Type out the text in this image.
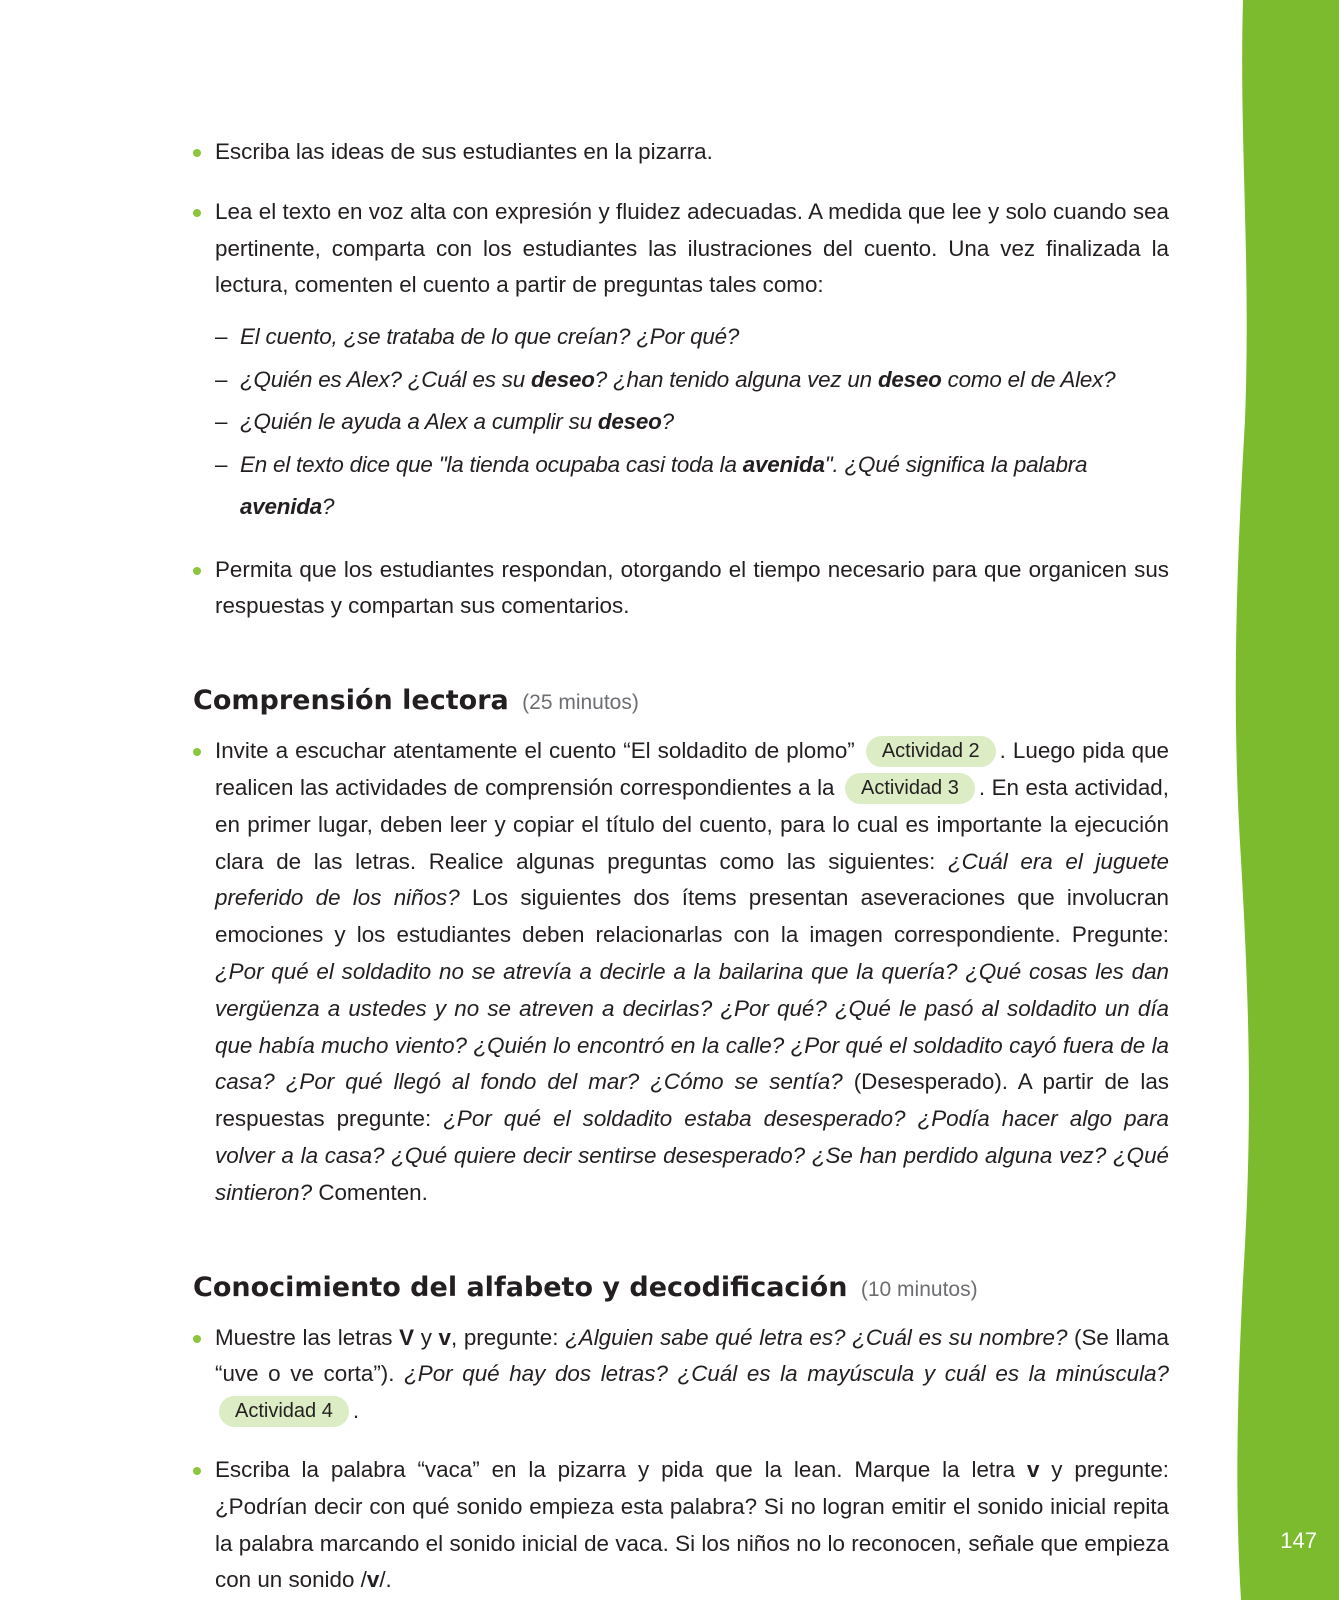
147
Escriba las ideas de sus estudiantes en la pizarra.
Lea el texto en voz alta con expresión y fluidez adecuadas. A medida que lee y solo cuando sea pertinente, comparta con los estudiantes las ilustraciones del cuento. Una vez finalizada la lectura, comenten el cuento a partir de preguntas tales como:
– El cuento, ¿se trataba de lo que creían? ¿Por qué?
– ¿Quién es Alex? ¿Cuál es su deseo? ¿han tenido alguna vez un deseo como el de Alex?
– ¿Quién le ayuda a Alex a cumplir su deseo?
– En el texto dice que "la tienda ocupaba casi toda la avenida". ¿Qué significa la palabra avenida?
Permita que los estudiantes respondan, otorgando el tiempo necesario para que organicen sus respuestas y compartan sus comentarios.
Comprensión lectora (25 minutos)
Invite a escuchar atentamente el cuento “El soldadito de plomo” Actividad 2 . Luego pida que realicen las actividades de comprensión correspondientes a la Actividad 3 . En esta actividad, en primer lugar, deben leer y copiar el título del cuento, para lo cual es importante la ejecución clara de las letras. Realice algunas preguntas como las siguientes: ¿Cuál era el juguete preferido de los niños? Los siguientes dos ítems presentan aseveraciones que involucran emociones y los estudiantes deben relacionarlas con la imagen correspondiente. Pregunte: ¿Por qué el soldadito no se atrevía a decirle a la bailarina que la quería? ¿Qué cosas les dan vergüenza a ustedes y no se atreven a decirlas? ¿Por qué? ¿Qué le pasó al soldadito un día que había mucho viento? ¿Quién lo encontró en la calle? ¿Por qué el soldadito cayó fuera de la casa? ¿Por qué llegó al fondo del mar? ¿Cómo se sentía? (Desesperado). A partir de las respuestas pregunte: ¿Por qué el soldadito estaba desesperado? ¿Podía hacer algo para volver a la casa? ¿Qué quiere decir sentirse desesperado? ¿Se han perdido alguna vez? ¿Qué sintieron? Comenten.
Conocimiento del alfabeto y decodificación (10 minutos)
Muestre las letras V y v, pregunte: ¿Alguien sabe qué letra es? ¿Cuál es su nombre? (Se llama “uve o ve corta”). ¿Por qué hay dos letras? ¿Cuál es la mayúscula y cuál es la minúscula? Actividad 4 .
Escriba la palabra “vaca” en la pizarra y pida que la lean. Marque la letra v y pregunte: ¿Podrían decir con qué sonido empieza esta palabra? Si no logran emitir el sonido inicial repita la palabra marcando el sonido inicial de vaca. Si los niños no lo reconocen, señale que empieza con un sonido /v/.
